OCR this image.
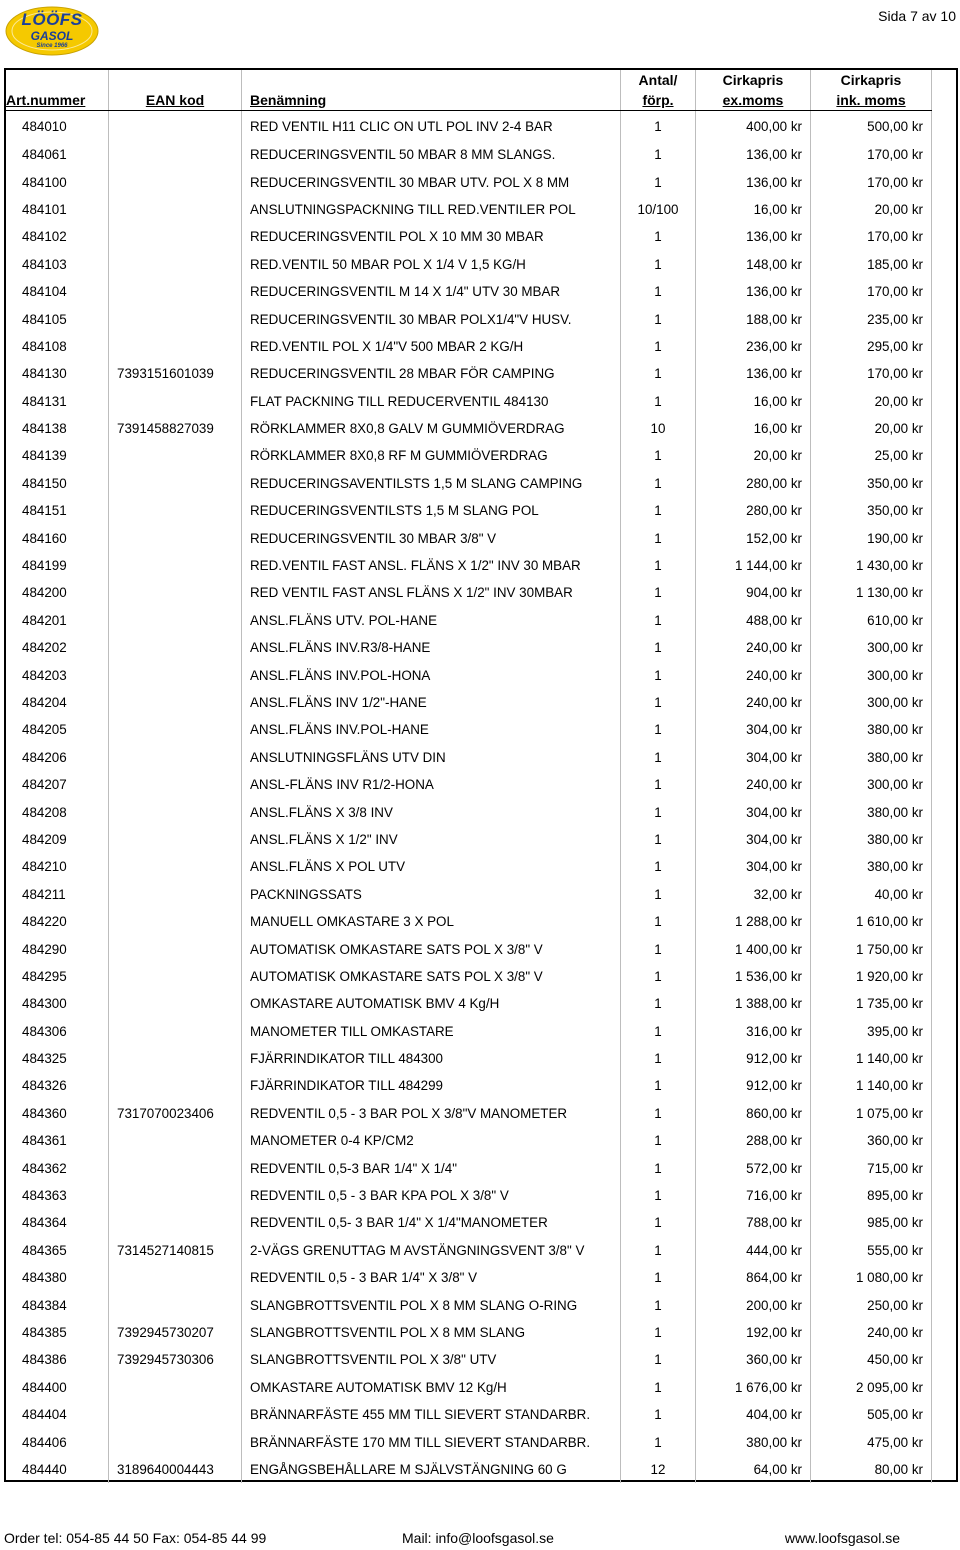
Sida 7 av 10
LÖÖFS
GASOL
Since 1966
			Antal/	Cirkapris	Cirkapris	
Art.nummer	EAN kod	Benämning	förp.	ex.moms	ink. moms	
484010		RED VENTIL H11 CLIC ON UTL POL INV 2-4 BAR	1	400,00 kr	500,00 kr	
484061		REDUCERINGSVENTIL 50 MBAR 8 MM SLANGS.	1	136,00 kr	170,00 kr	
484100		REDUCERINGSVENTIL 30 MBAR UTV. POL X 8 MM	1	136,00 kr	170,00 kr	
484101		ANSLUTNINGSPACKNING TILL RED.VENTILER POL	10/100	16,00 kr	20,00 kr	
484102		REDUCERINGSVENTIL POL X 10 MM 30 MBAR	1	136,00 kr	170,00 kr	
484103		RED.VENTIL 50 MBAR POL X 1/4 V 1,5 KG/H	1	148,00 kr	185,00 kr	
484104		REDUCERINGSVENTIL M 14 X 1/4" UTV 30 MBAR	1	136,00 kr	170,00 kr	
484105		REDUCERINGSVENTIL 30 MBAR POLX1/4"V HUSV.	1	188,00 kr	235,00 kr	
484108		RED.VENTIL POL X 1/4"V 500 MBAR 2 KG/H	1	236,00 kr	295,00 kr	
484130	7393151601039	REDUCERINGSVENTIL 28 MBAR FÖR CAMPING	1	136,00 kr	170,00 kr	
484131		FLAT PACKNING TILL REDUCERVENTIL 484130	1	16,00 kr	20,00 kr	
484138	7391458827039	RÖRKLAMMER 8X0,8 GALV M GUMMIÖVERDRAG	10	16,00 kr	20,00 kr	
484139		RÖRKLAMMER 8X0,8 RF M GUMMIÖVERDRAG	1	20,00 kr	25,00 kr	
484150		REDUCERINGSAVENTILSTS 1,5 M SLANG CAMPING	1	280,00 kr	350,00 kr	
484151		REDUCERINGSVENTILSTS 1,5 M SLANG POL	1	280,00 kr	350,00 kr	
484160		REDUCERINGSVENTIL 30 MBAR 3/8" V	1	152,00 kr	190,00 kr	
484199		RED.VENTIL FAST ANSL. FLÄNS X 1/2" INV 30 MBAR	1	1 144,00 kr	1 430,00 kr	
484200		RED VENTIL FAST ANSL FLÄNS X 1/2" INV 30MBAR	1	904,00 kr	1 130,00 kr	
484201		ANSL.FLÄNS UTV. POL-HANE	1	488,00 kr	610,00 kr	
484202		ANSL.FLÄNS INV.R3/8-HANE	1	240,00 kr	300,00 kr	
484203		ANSL.FLÄNS INV.POL-HONA	1	240,00 kr	300,00 kr	
484204		ANSL.FLÄNS INV 1/2"-HANE	1	240,00 kr	300,00 kr	
484205		ANSL.FLÄNS INV.POL-HANE	1	304,00 kr	380,00 kr	
484206		ANSLUTNINGSFLÄNS UTV DIN	1	304,00 kr	380,00 kr	
484207		ANSL-FLÄNS INV R1/2-HONA	1	240,00 kr	300,00 kr	
484208		ANSL.FLÄNS X 3/8 INV	1	304,00 kr	380,00 kr	
484209		ANSL.FLÄNS X 1/2" INV	1	304,00 kr	380,00 kr	
484210		ANSL.FLÄNS X POL UTV	1	304,00 kr	380,00 kr	
484211		PACKNINGSSATS	1	32,00 kr	40,00 kr	
484220		MANUELL OMKASTARE 3 X POL	1	1 288,00 kr	1 610,00 kr	
484290		AUTOMATISK OMKASTARE SATS POL X 3/8" V	1	1 400,00 kr	1 750,00 kr	
484295		AUTOMATISK OMKASTARE SATS POL X 3/8" V	1	1 536,00 kr	1 920,00 kr	
484300		OMKASTARE AUTOMATISK BMV 4 Kg/H	1	1 388,00 kr	1 735,00 kr	
484306		MANOMETER TILL OMKASTARE	1	316,00 kr	395,00 kr	
484325		FJÄRRINDIKATOR TILL 484300	1	912,00 kr	1 140,00 kr	
484326		FJÄRRINDIKATOR TILL 484299	1	912,00 kr	1 140,00 kr	
484360	7317070023406	REDVENTIL 0,5 - 3 BAR POL X 3/8"V MANOMETER	1	860,00 kr	1 075,00 kr	
484361		MANOMETER 0-4 KP/CM2	1	288,00 kr	360,00 kr	
484362		REDVENTIL 0,5-3 BAR 1/4" X 1/4"	1	572,00 kr	715,00 kr	
484363		REDVENTIL 0,5 - 3 BAR KPA POL X 3/8" V	1	716,00 kr	895,00 kr	
484364		REDVENTIL 0,5- 3 BAR 1/4" X 1/4"MANOMETER	1	788,00 kr	985,00 kr	
484365	7314527140815	2-VÄGS GRENUTTAG M AVSTÄNGNINGSVENT 3/8" V	1	444,00 kr	555,00 kr	
484380		REDVENTIL 0,5 - 3 BAR 1/4" X 3/8" V	1	864,00 kr	1 080,00 kr	
484384		SLANGBROTTSVENTIL POL X 8 MM SLANG O-RING	1	200,00 kr	250,00 kr	
484385	7392945730207	SLANGBROTTSVENTIL POL X 8 MM SLANG	1	192,00 kr	240,00 kr	
484386	7392945730306	SLANGBROTTSVENTIL POL X 3/8" UTV	1	360,00 kr	450,00 kr	
484400		OMKASTARE AUTOMATISK BMV 12 Kg/H	1	1 676,00 kr	2 095,00 kr	
484404		BRÄNNARFÄSTE 455 MM TILL SIEVERT STANDARBR.	1	404,00 kr	505,00 kr	
484406		BRÄNNARFÄSTE 170 MM TILL SIEVERT STANDARBR.	1	380,00 kr	475,00 kr	
484440	3189640004443	ENGÅNGSBEHÅLLARE M SJÄLVSTÄNGNING 60 G	12	64,00 kr	80,00 kr	
Order tel: 054-85 44 50 Fax: 054-85 44 99	Mail: info@loofsgasol.se	www.loofsgasol.se
